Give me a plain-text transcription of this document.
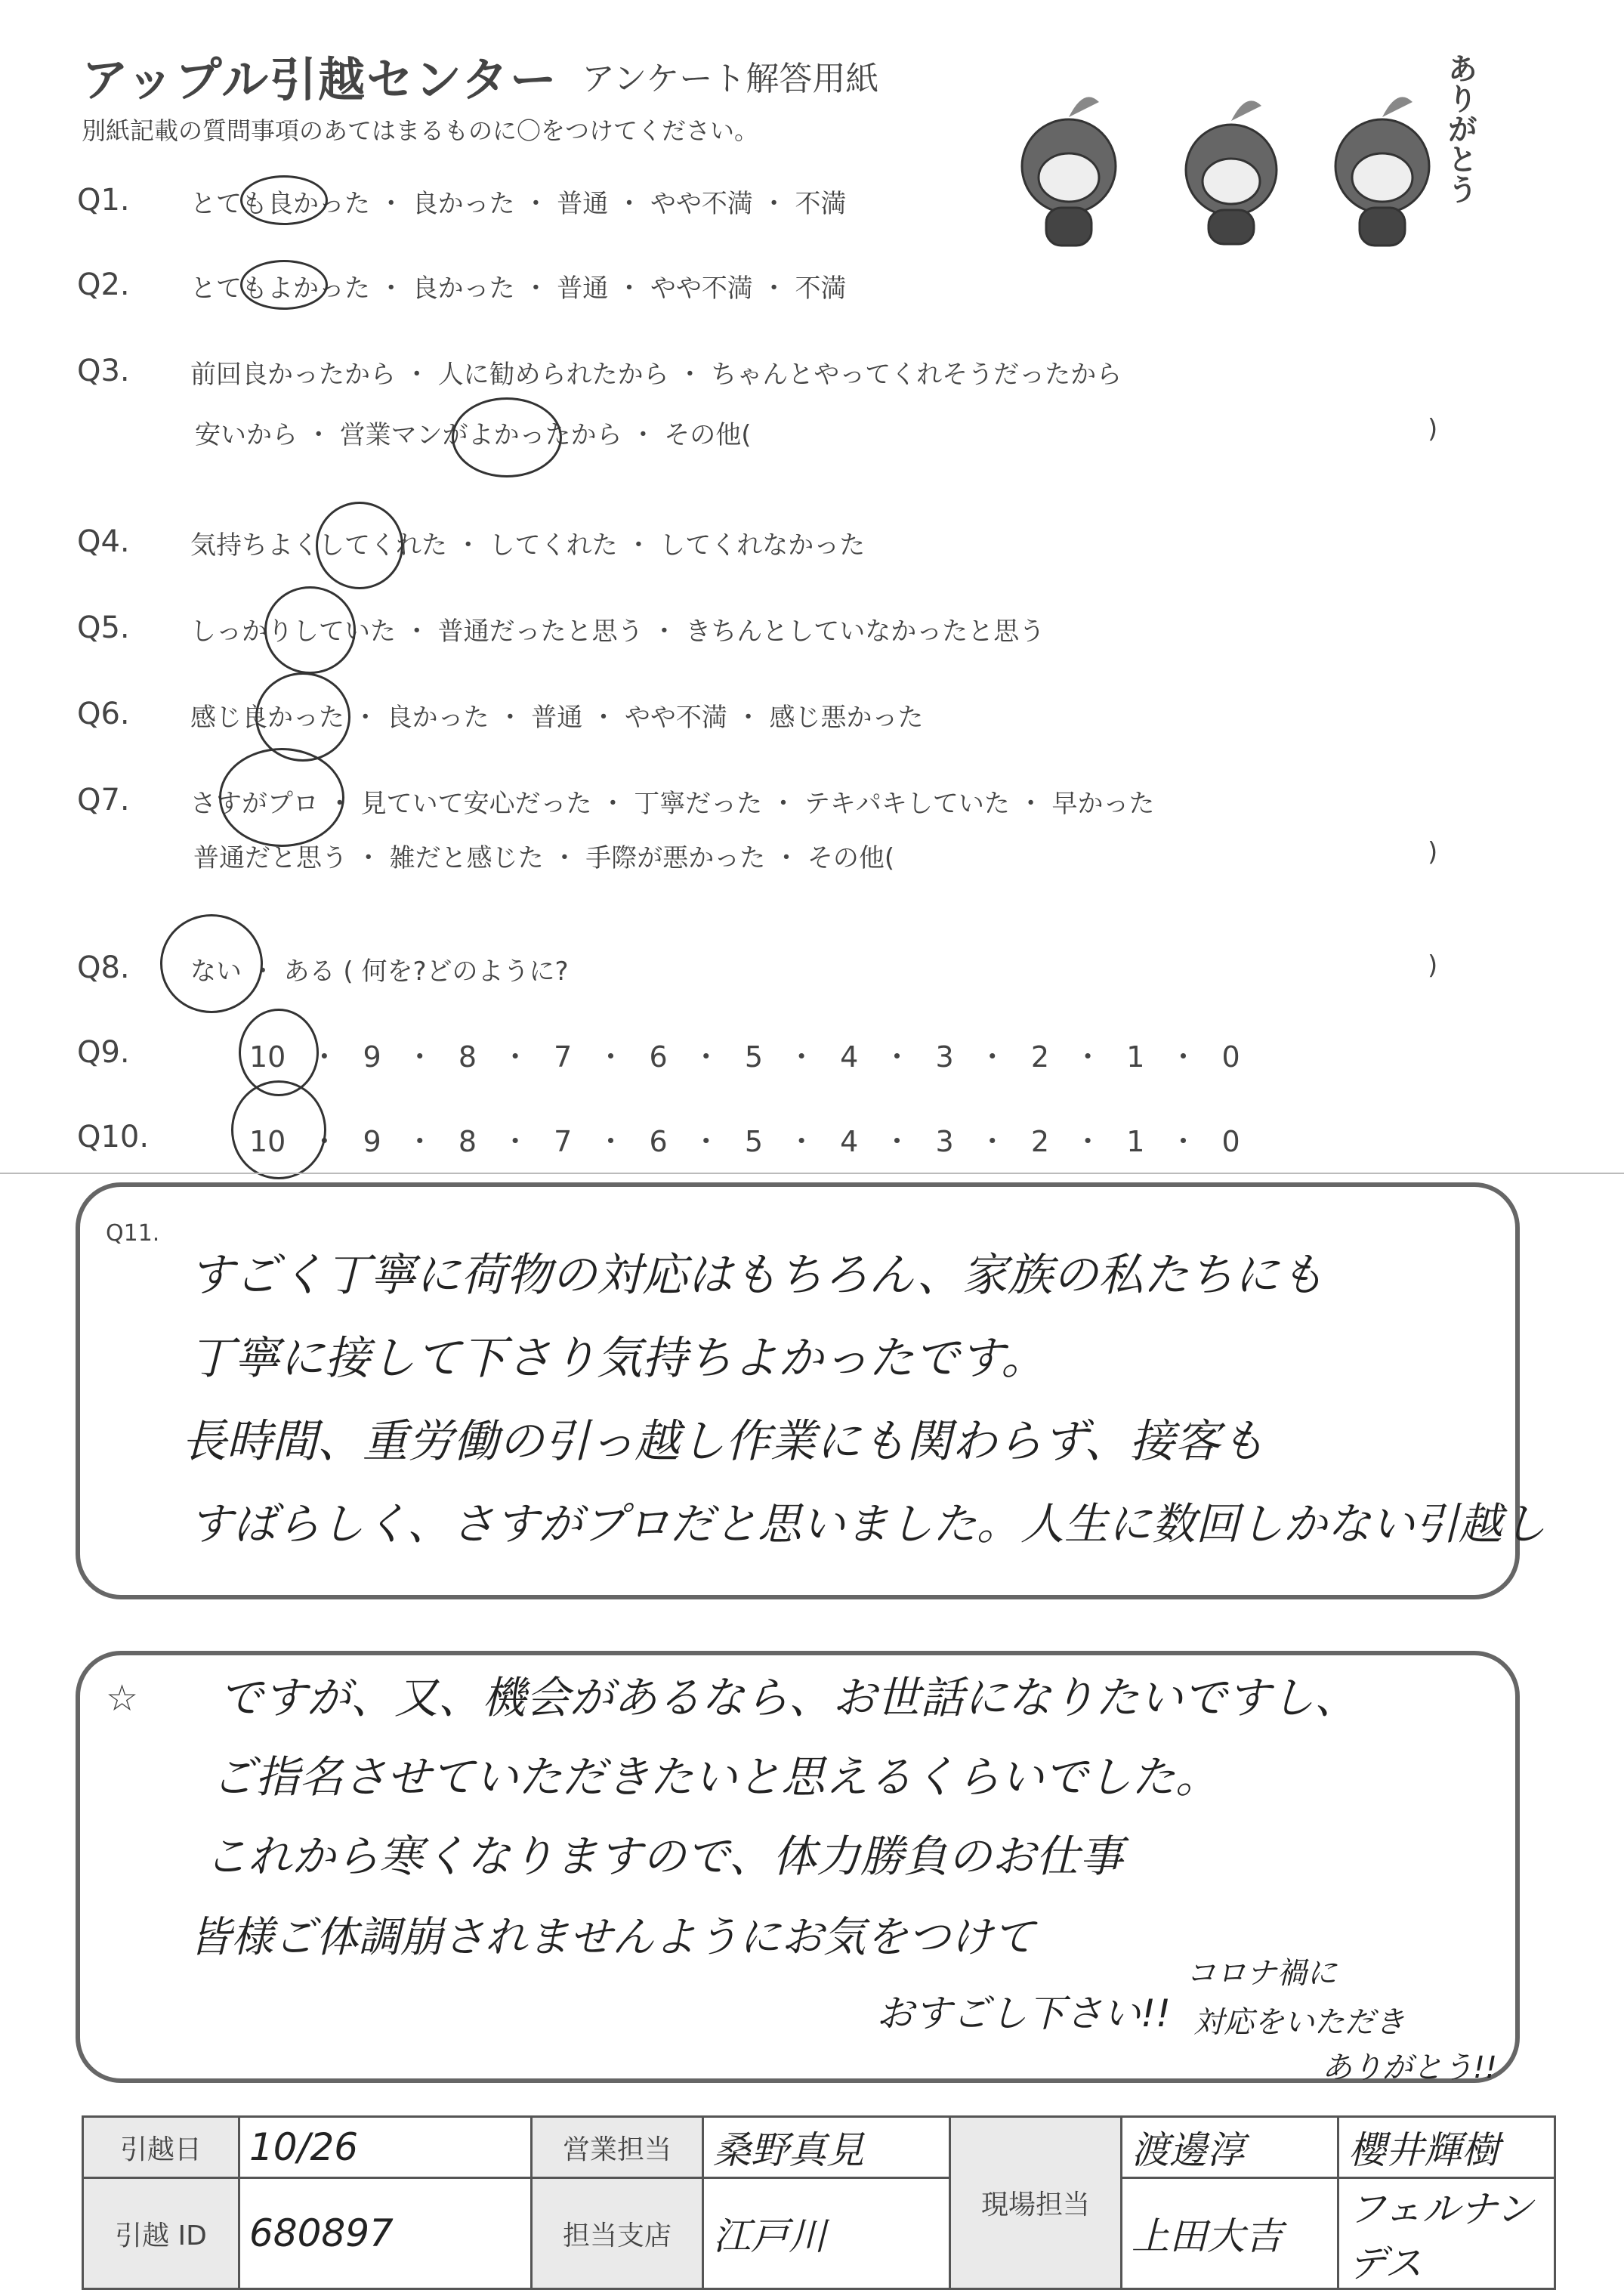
アップル引越センター アンケート解答用紙
別紙記載の質問事項のあてはまるものに〇をつけてください。	ありがとう
Q1. とても良かった ・ 良かった ・ 普通 ・ やや不満 ・ 不満
Q2. とてもよかった ・ 良かった ・ 普通 ・ やや不満 ・ 不満
Q3. 前回良かったから ・ 人に勧められたから ・ ちゃんとやってくれそうだったから
安いから ・ 営業マンがよかったから ・ その他(	)
Q4. 気持ちよくしてくれた ・ してくれた ・ してくれなかった
Q5. しっかりしていた ・ 普通だったと思う ・ きちんとしていなかったと思う
Q6. 感じ良かった ・ 良かった ・ 普通 ・ やや不満 ・ 感じ悪かった
Q7. さすがプロ ・ 見ていて安心だった ・ 丁寧だった ・ テキパキしていた ・ 早かった
普通だと思う ・ 雑だと感じた ・ 手際が悪かった ・ その他(	)
Q8. ない ・ ある ( 何を?どのように?	)
Q9.	10 ・ 9 ・ 8 ・ 7 ・ 6 ・ 5 ・ 4 ・ 3 ・ 2 ・ 1 ・ 0
Q10.	10 ・ 9 ・ 8 ・ 7 ・ 6 ・ 5 ・ 4 ・ 3 ・ 2 ・ 1 ・ 0
Q11.
すごく丁寧に荷物の対応はもちろん、家族の私たちにも
丁寧に接して下さり気持ちよかったです。
長時間、重労働の引っ越し作業にも関わらず、接客も
すばらしく、さすがプロだと思いました。人生に数回しかない引越し
☆ ですが、又、機会があるなら、お世話になりたいですし、
ご指名させていただきたいと思えるくらいでした。
これから寒くなりますので、体力勝負のお仕事
皆様ご体調崩されませんようにお気をつけて
おすごし下さい!!
コロナ禍に
対応をいただき
ありがとう!!
引越日	10/26	営業担当	桑野真見	現場担当	渡邊淳	櫻井輝樹
引越 ID	680897	担当支店	江戸川		上田大吉	フェルナンデス
